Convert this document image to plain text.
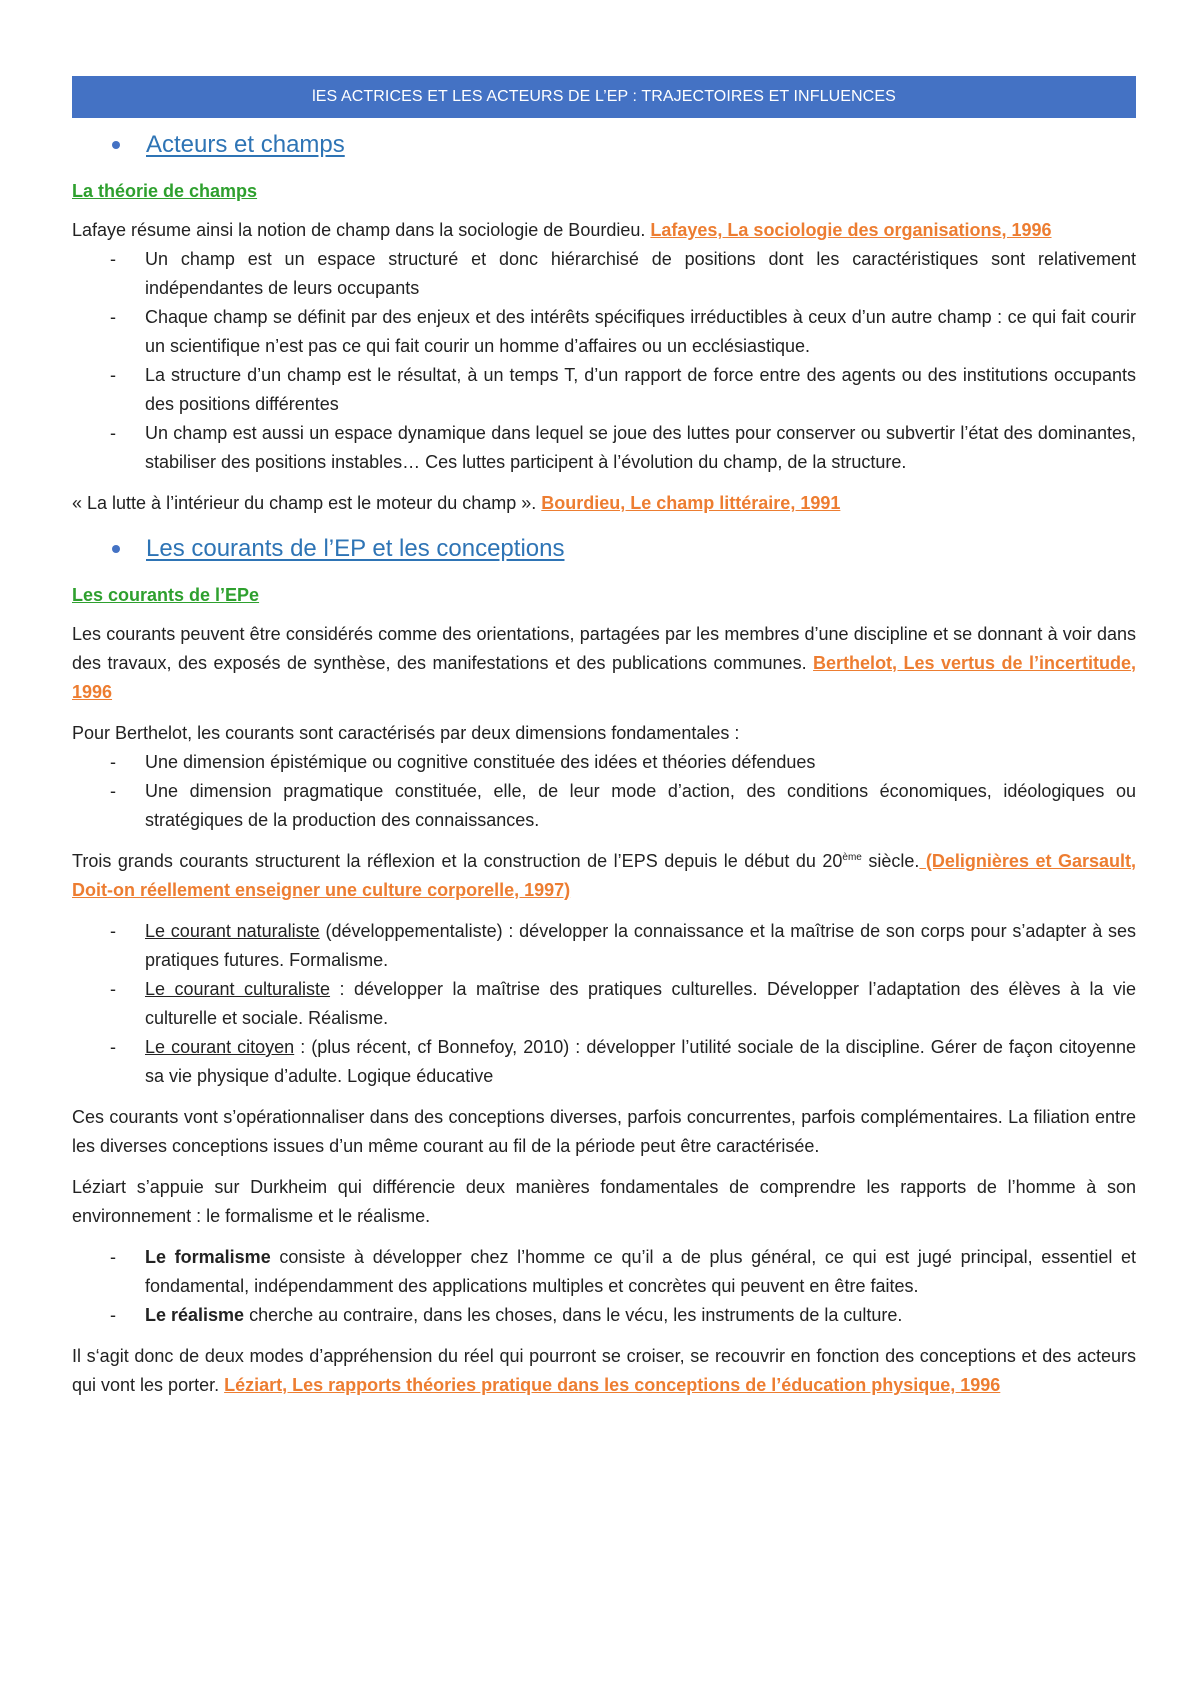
lES ACTRICES ET LES ACTEURS DE L’EP : TRAJECTOIRES ET INFLUENCES
Acteurs et champs
La théorie de champs

Lafaye résume ainsi la notion de champ dans la sociologie de Bourdieu. Lafayes, La sociologie des organisations, 1996

- Un champ est un espace structuré et donc hiérarchisé de positions dont les caractéristiques sont relativement indépendantes de leurs occupants
- Chaque champ se définit par des enjeux et des intérêts spécifiques irréductibles à ceux d’un autre champ : ce qui fait courir un scientifique n’est pas ce qui fait courir un homme d’affaires ou un ecclésiastique.
- La structure d’un champ est le résultat, à un temps T, d’un rapport de force entre des agents ou des institutions occupants des positions différentes
- Un champ est aussi un espace dynamique dans lequel se joue des luttes pour conserver ou subvertir l’état des dominantes, stabiliser des positions instables… Ces luttes participent à l’évolution du champ, de la structure.

« La lutte à l’intérieur du champ est le moteur du champ ». Bourdieu, Le champ littéraire, 1991

Les courants de l’EP et les conceptions
Les courants de l’EPe

Les courants peuvent être considérés comme des orientations, partagées par les membres d’une discipline et se donnant à voir dans des travaux, des exposés de synthèse, des manifestations et des publications communes. Berthelot, Les vertus de l’incertitude, 1996

Pour Berthelot, les courants sont caractérisés par deux dimensions fondamentales :

- Une dimension épistémique ou cognitive constituée des idées et théories défendues
- Une dimension pragmatique constituée, elle, de leur mode d’action, des conditions économiques, idéologiques ou stratégiques de la production des connaissances.

Trois grands courants structurent la réflexion et la construction de l’EPS depuis le début du 20ème siècle. (Delignières et Garsault, Doit-on réellement enseigner une culture corporelle, 1997)

- Le courant naturaliste (développementaliste) : développer la connaissance et la maîtrise de son corps pour s’adapter à ses pratiques futures. Formalisme.
- Le courant culturaliste : développer la maîtrise des pratiques culturelles. Développer l’adaptation des élèves à la vie culturelle et sociale. Réalisme.
- Le courant citoyen : (plus récent, cf Bonnefoy, 2010) : développer l’utilité sociale de la discipline. Gérer de façon citoyenne sa vie physique d’adulte. Logique éducative

Ces courants vont s’opérationnaliser dans des conceptions diverses, parfois concurrentes, parfois complémentaires. La filiation entre les diverses conceptions issues d’un même courant au fil de la période peut être caractérisée.

Léziart s’appuie sur Durkheim qui différencie deux manières fondamentales de comprendre les rapports de l’homme à son environnement : le formalisme et le réalisme.

- Le formalisme consiste à développer chez l’homme ce qu’il a de plus général, ce qui est jugé principal, essentiel et fondamental, indépendamment des applications multiples et concrètes qui peuvent en être faites.
- Le réalisme cherche au contraire, dans les choses, dans le vécu, les instruments de la culture.

Il s‘agit donc de deux modes d’appréhension du réel qui pourront se croiser, se recouvrir en fonction des conceptions et des acteurs qui vont les porter. Léziart, Les rapports théories pratique dans les conceptions de l’éducation physique, 1996
